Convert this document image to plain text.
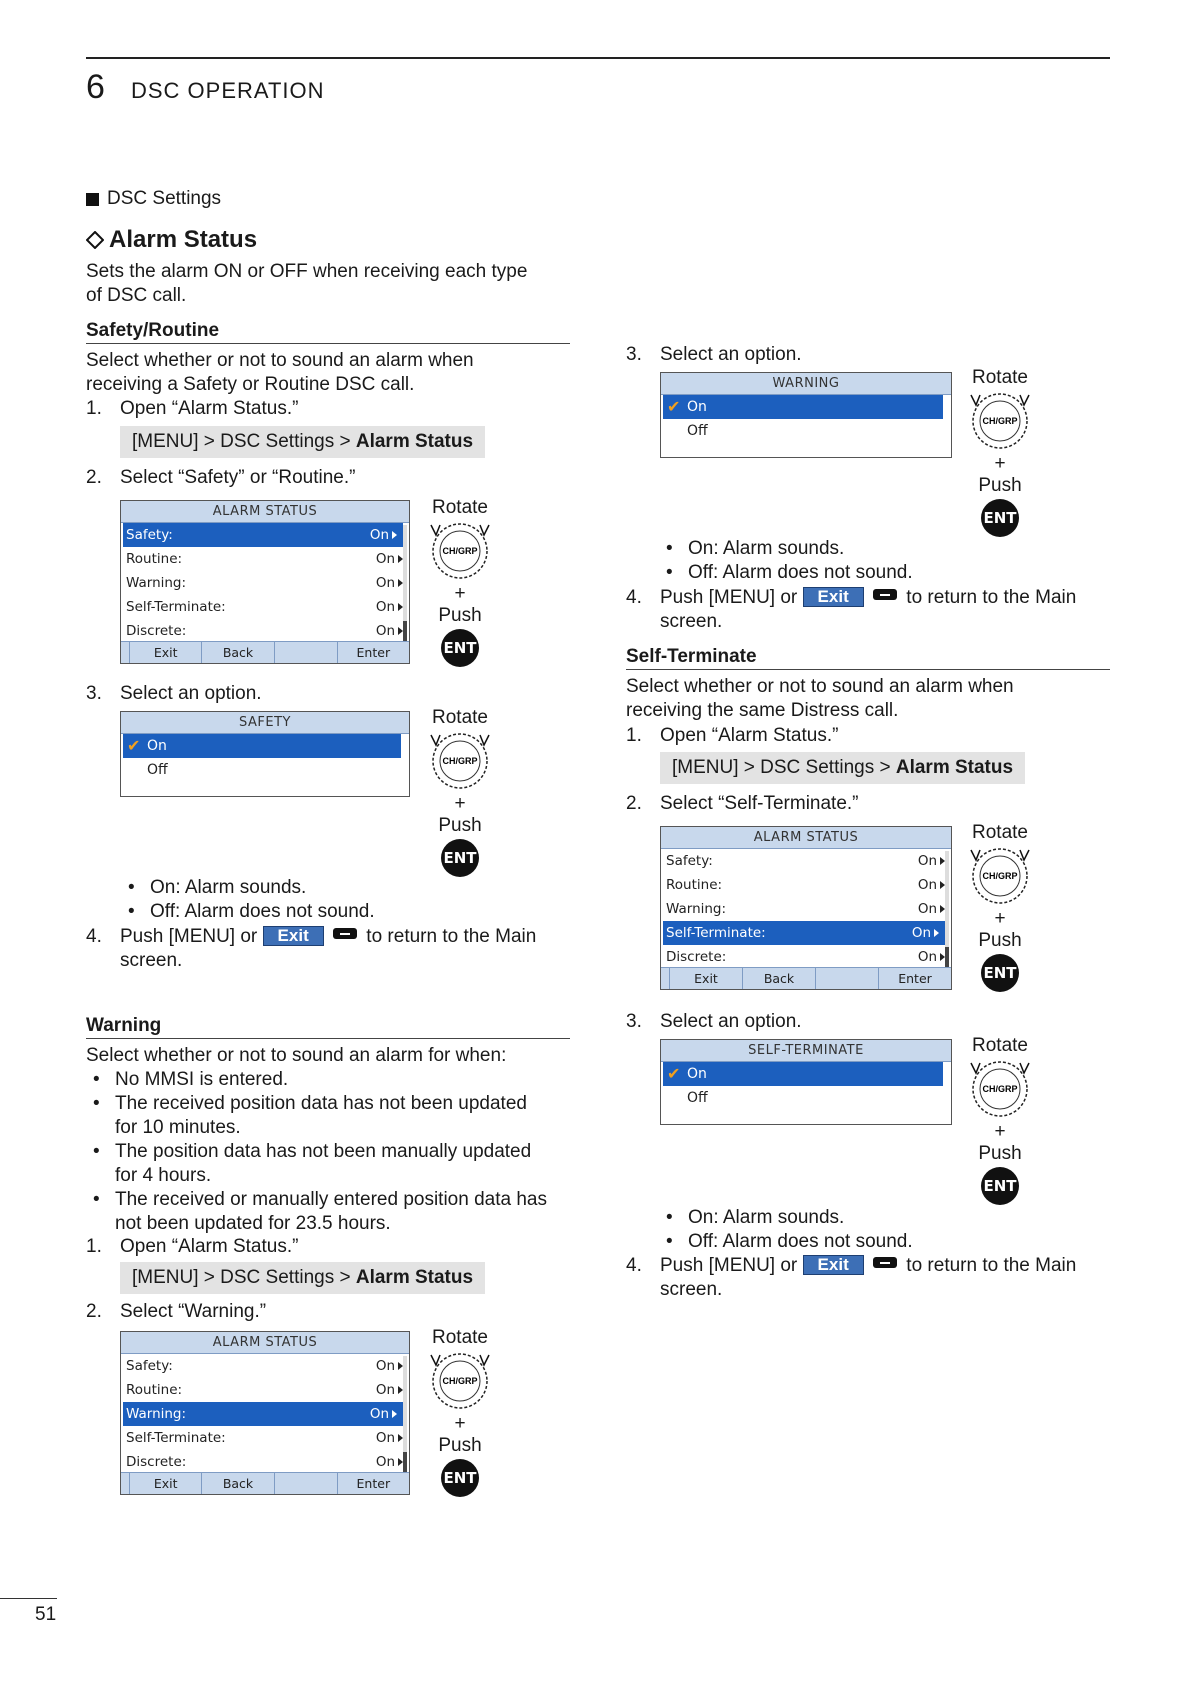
6 DSC OPERATION
DSC Settings
Alarm Status
Sets the alarm ON or OFF when receiving each type
of DSC call.
Safety/Routine
Select whether or not to sound an alarm when
receiving a Safety or Routine DSC call.
1. Open “Alarm Status.”
[MENU] > DSC Settings > Alarm Status
2. Select “Safety” or “Routine.”
ALARM STATUS
Safety:	On
Routine:	On
Warning:	On
Self-Terminate:	On
Discrete:	On
Exit	Back	Enter
Rotate
CH/GRP
+
Push
ENT
3. Select an option.
SAFETY
✔ On
Off
Rotate
CH/GRP
+
Push
ENT
• On: Alarm sounds.
• Off: Alarm does not sound.
4. Push [MENU] or Exit	to return to the Main
screen.
Warning
Select whether or not to sound an alarm for when:
• No MMSI is entered.
• The received position data has not been updated
for 10 minutes.
• The position data has not been manually updated
for 4 hours.
• The received or manually entered position data has
not been updated for 23.5 hours.
1. Open “Alarm Status.”
[MENU] > DSC Settings > Alarm Status
2. Select “Warning.”
ALARM STATUS
Safety:	On
Routine:	On
Warning:	On
Self-Terminate:	On
Discrete:	On
Exit	Back	Enter
Rotate
CH/GRP
+
Push
ENT
3. Select an option.
WARNING
✔ On
Off
Rotate
CH/GRP
+
Push
ENT
• On: Alarm sounds.
• Off: Alarm does not sound.
4. Push [MENU] or Exit	to return to the Main
screen.
Self-Terminate
Select whether or not to sound an alarm when
receiving the same Distress call.
1. Open “Alarm Status.”
[MENU] > DSC Settings > Alarm Status
2. Select “Self-Terminate.”
ALARM STATUS
Safety:	On
Routine:	On
Warning:	On
Self-Terminate:	On
Discrete:	On
Exit	Back	Enter
Rotate
CH/GRP
+
Push
ENT
3. Select an option.
SELF-TERMINATE
✔ On
Off
Rotate
CH/GRP
+
Push
ENT
• On: Alarm sounds.
• Off: Alarm does not sound.
4. Push [MENU] or Exit	to return to the Main
screen.
51
